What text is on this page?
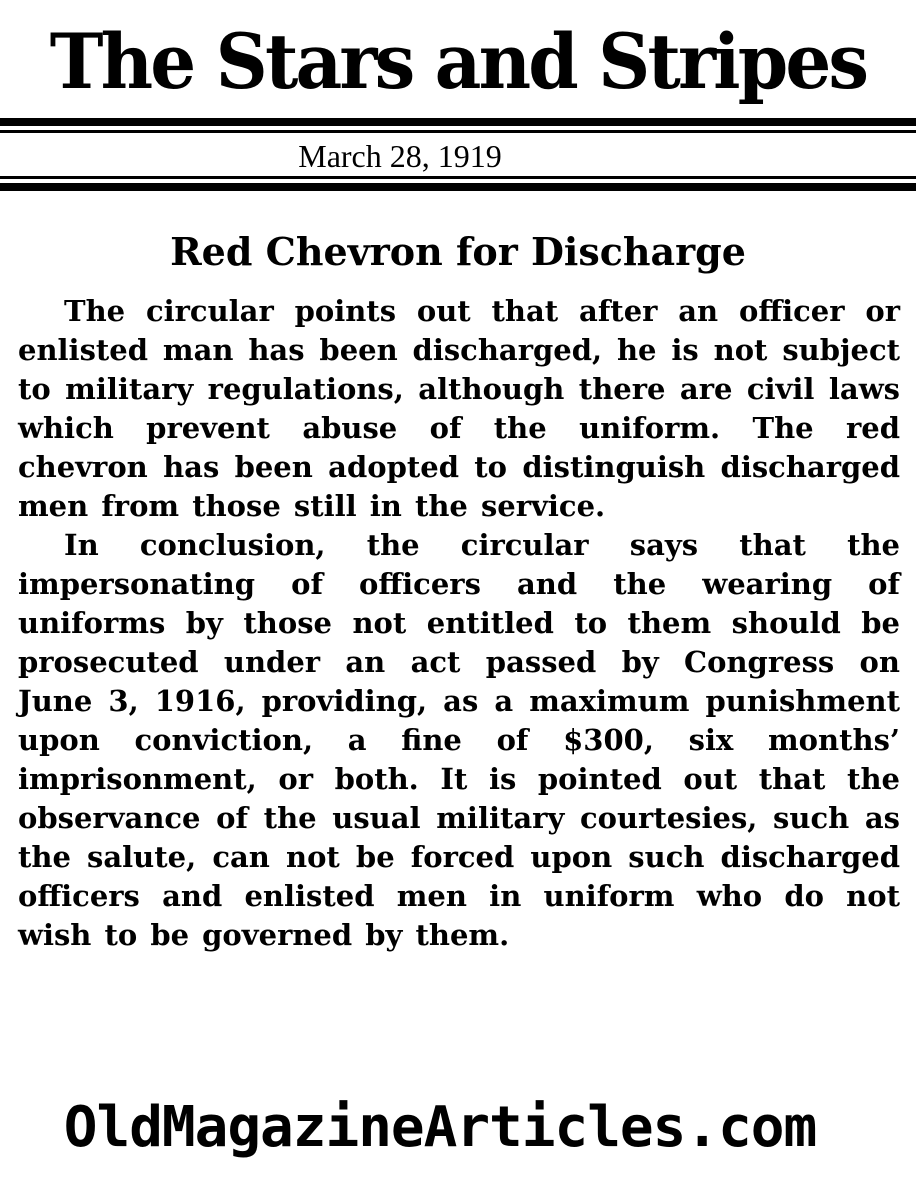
The Stars and Stripes
March 28, 1919
Red Chevron for Discharge

The circular points out that after an officer or enlisted man has been discharged, he is not subject to military regulations, although there are civil laws which prevent abuse of the uniform. The red chevron has been adopted to distinguish discharged men from those still in the service.

In conclusion, the circular says that the impersonating of officers and the wearing of uniforms by those not entitled to them should be prosecuted under an act passed by Congress on June 3, 1916, providing, as a maximum punishment upon conviction, a fine of $300, six months’ imprisonment, or both. It is pointed out that the observance of the usual military courtesies, such as the salute, can not be forced upon such discharged officers and enlisted men in uniform who do not wish to be governed by them.

OldMagazineArticles.com
